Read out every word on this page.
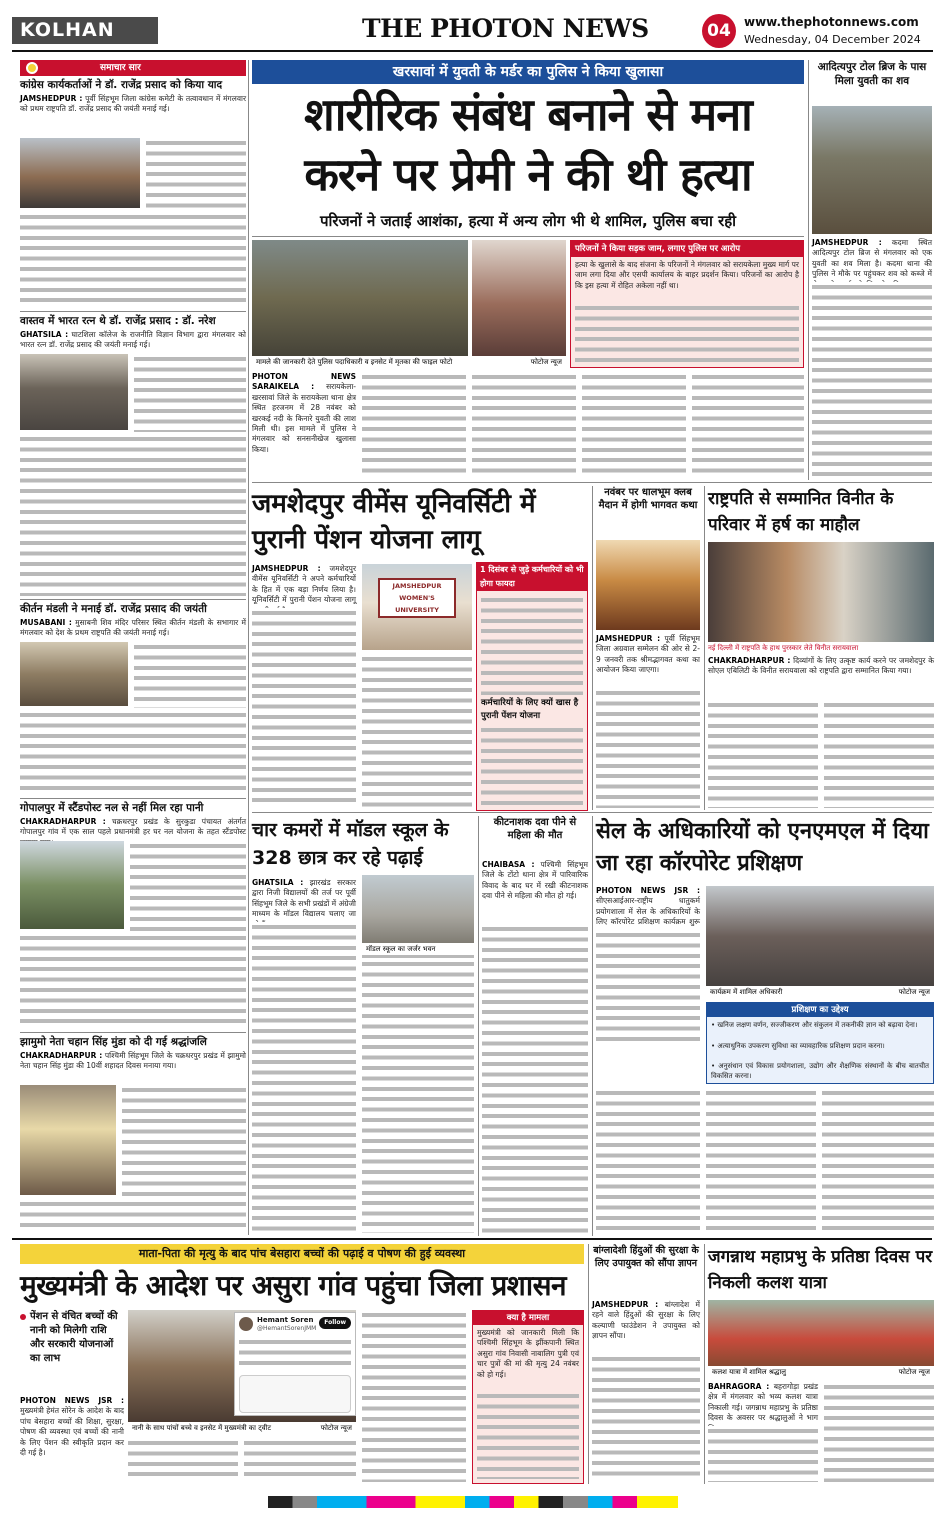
KOLHAN	THE PHOTON NEWS	04	www.thephotonnews.com
Wednesday, 04 December 2024
समाचार सार
कांग्रेस कार्यकर्ताओं ने डॉ. राजेंद्र प्रसाद को किया याद
JAMSHEDPUR : पूर्वी सिंहभूम जिला कांग्रेस कमेटी के तत्वावधान में मंगलवार को प्रथम राष्ट्रपति डॉ. राजेंद्र प्रसाद की जयंती मनाई गई।
वास्तव में भारत रत्न थे डॉ. राजेंद्र प्रसाद : डॉ. नरेश
GHATSILA : घाटशिला कॉलेज के राजनीति विज्ञान विभाग द्वारा मंगलवार को भारत रत्न डॉ. राजेंद्र प्रसाद की जयंती मनाई गई।
कीर्तन मंडली ने मनाई डॉ. राजेंद्र प्रसाद की जयंती
MUSABANI : मुसाबनी शिव मंदिर परिसर स्थित कीर्तन मंडली के सभागार में मंगलवार को देश के प्रथम राष्ट्रपति की जयंती मनाई गई।
गोपालपुर में स्टैंडपोस्ट नल से नहीं मिल रहा पानी
CHAKRADHARPUR : चक्रधरपुर प्रखंड के सुरकुडा पंचायत अंतर्गत गोपालपुर गांव में एक साल पहले प्रधानमंत्री हर घर नल योजना के तहत स्टैंडपोस्ट
झामुमो नेता चहान सिंह मुंडा को दी गई श्रद्धांजलि
CHAKRADHARPUR : पश्चिमी सिंहभूम जिले के चक्रधरपुर प्रखंड में झामुमो नेता चहान सिंह मुंडा की 10वीं शहादत दिवस मनाया गया।
खरसावां में युवती के मर्डर का पुलिस ने किया खुलासा
शारीरिक संबंध बनाने से मना
करने पर प्रेमी ने की थी हत्या
परिजनों ने जताई आशंका, हत्या में अन्य लोग भी थे शामिल, पुलिस बचा रही
मामले की जानकारी देते पुलिस पदाधिकारी व इनसेट में मृतका की फाइल फोटो	फोटोज न्यूज
परिजनों ने किया सड़क जाम, लगाए पुलिस पर आरोप
हत्या के खुलासे के बाद संजना के परिजनों ने मंगलवार को सरायकेला मुख्य मार्ग पर जाम लगा दिया और एसपी कार्यालय के बाहर प्रदर्शन किया। परिजनों का आरोप है कि इस हत्या में रोहित अकेला नहीं था।
PHOTON NEWS SARAIKELA : सरायकेला-खरसावां जिले के सरायकेला थाना क्षेत्र स्थित हरजनम में 28 नवंबर को खरकई नदी के किनारे युवती की लाश मिली थी। इस मामले में पुलिस ने मंगलवार को सनसनीखेज खुलासा किया।
आदित्यपुर टोल ब्रिज के पास मिला युवती का शव
JAMSHEDPUR : कदमा स्थित आदित्यपुर टोल ब्रिज से मंगलवार को एक युवती का शव मिला है। कदमा थाना की पुलिस ने मौके पर पहुंचकर शव को कब्जे में
जमशेदपुर वीमेंस यूनिवर्सिटी में पुरानी पेंशन योजना लागू
JAMSHEDPUR : जमशेदपुर वीमेंस यूनिवर्सिटी ने अपने कर्मचारियों के हित में एक बड़ा निर्णय लिया है। यूनिवर्सिटी में पुरानी पेंशन योजना लागू
JAMSHEDPUR
WOMEN'S
UNIVERSITY
1 दिसंबर से जुड़े कर्मचारियों को भी होगा फायदा
कर्मचारियों के लिए क्यों खास है पुरानी पेंशन योजना
नवंबर पर धालभूम क्लब मैदान में होगी भागवत कथा
JAMSHEDPUR : पूर्वी सिंहभूम जिला अग्रवाल सम्मेलन की ओर से 2-9 जनवरी तक श्रीमद्भागवत कथा का आयोजन किया जाएगा।
राष्ट्रपति से सम्मानित विनीत के परिवार में हर्ष का माहौल
नई दिल्ली में राष्ट्रपति के हाथ पुरस्कार लेते विनीत सरायवाला
CHAKRADHARPUR : दिव्यांगों के लिए उत्कृष्ट कार्य करने पर जमशेदपुर के सोएल एबिलिटी के विनीत सरायवाला को राष्ट्रपति द्वारा सम्मानित किया गया।
चार कमरों में मॉडल स्कूल के 328 छात्र कर रहे पढ़ाई
GHATSILA : झारखंड सरकार द्वारा निजी विद्यालयों की तर्ज पर पूर्वी सिंहभूम जिले के सभी प्रखंडों में अंग्रेजी माध्यम के मॉडल विद्यालय चलाए जा
मॉडल स्कूल का जर्जर भवन
कीटनाशक दवा पीने से महिला की मौत
CHAIBASA : पश्चिमी सिंहभूम जिले के टोंटो थाना क्षेत्र में पारिवारिक विवाद के बाद घर में रखी कीटनाशक दवा पीने से महिला की मौत हो गई।
सेल के अधिकारियों को एनएमएल में दिया जा रहा कॉरपोरेट प्रशिक्षण
PHOTON NEWS JSR : सीएसआईआर-राष्ट्रीय धातुकर्म प्रयोगशाला में सेल के अधिकारियों के लिए कॉरपोरेट प्रशिक्षण कार्यक्रम शुरू
कार्यक्रम में शामिल अधिकारी	फोटोज न्यूज
प्रशिक्षण का उद्देश्य
• खनिज लक्षण वर्णन, सज्जीकरण और संकुलन में तकनीकी ज्ञान को बढ़ावा देना।
• अत्याधुनिक उपकरण सुविधा का व्यावहारिक प्रशिक्षण प्रदान करना।
• अनुसंधान एवं विकास प्रयोगशाला, उद्योग और शैक्षणिक संस्थानों के बीच बातचीत विकसित करना।
माता-पिता की मृत्यु के बाद पांच बेसहारा बच्चों की पढ़ाई व पोषण की हुई व्यवस्था
मुख्यमंत्री के आदेश पर असुरा गांव पहुंचा जिला प्रशासन
पेंशन से वंचित बच्चों की नानी को मिलेगी राशि और सरकारी योजनाओं का लाभ
PHOTON NEWS JSR : मुख्यमंत्री हेमंत सोरेन के आदेश के बाद पांच बेसहारा बच्चों की शिक्षा, सुरक्षा, पोषण की व्यवस्था एवं बच्चों की नानी के लिए पेंशन की स्वीकृति प्रदान कर दी गई है।
नानी के साथ पांचों बच्चे व इनसेट में मुख्यमंत्री का ट्वीट	फोटोज न्यूज
Hemant Soren
@HemantSorenJMM
Follow	क्या है मामला
मुख्यमंत्री को जानकारी मिली कि पश्चिमी सिंहभूम के झींकपानी स्थित असुरा गांव निवासी नाबालिग पुत्री एवं चार पुत्रों की मां की मृत्यु 24 नवंबर को हो गई।
बांग्लादेशी हिंदुओं की सुरक्षा के लिए उपायुक्त को सौंपा ज्ञापन
JAMSHEDPUR : बांग्लादेश में रहने वाले हिंदुओं की सुरक्षा के लिए कल्याणी फाउंडेशन ने उपायुक्त को ज्ञापन सौंपा।
जगन्नाथ महाप्रभु के प्रतिष्ठा दिवस पर निकली कलश यात्रा
कलश यात्रा में शामिल श्रद्धालु	फोटोज न्यूज
BAHRAGORA : बहरागोड़ा प्रखंड क्षेत्र में मंगलवार को भव्य कलश यात्रा निकाली गई। जगन्नाथ महाप्रभु के प्रतिष्ठा दिवस के अवसर पर श्रद्धालुओं ने भाग
